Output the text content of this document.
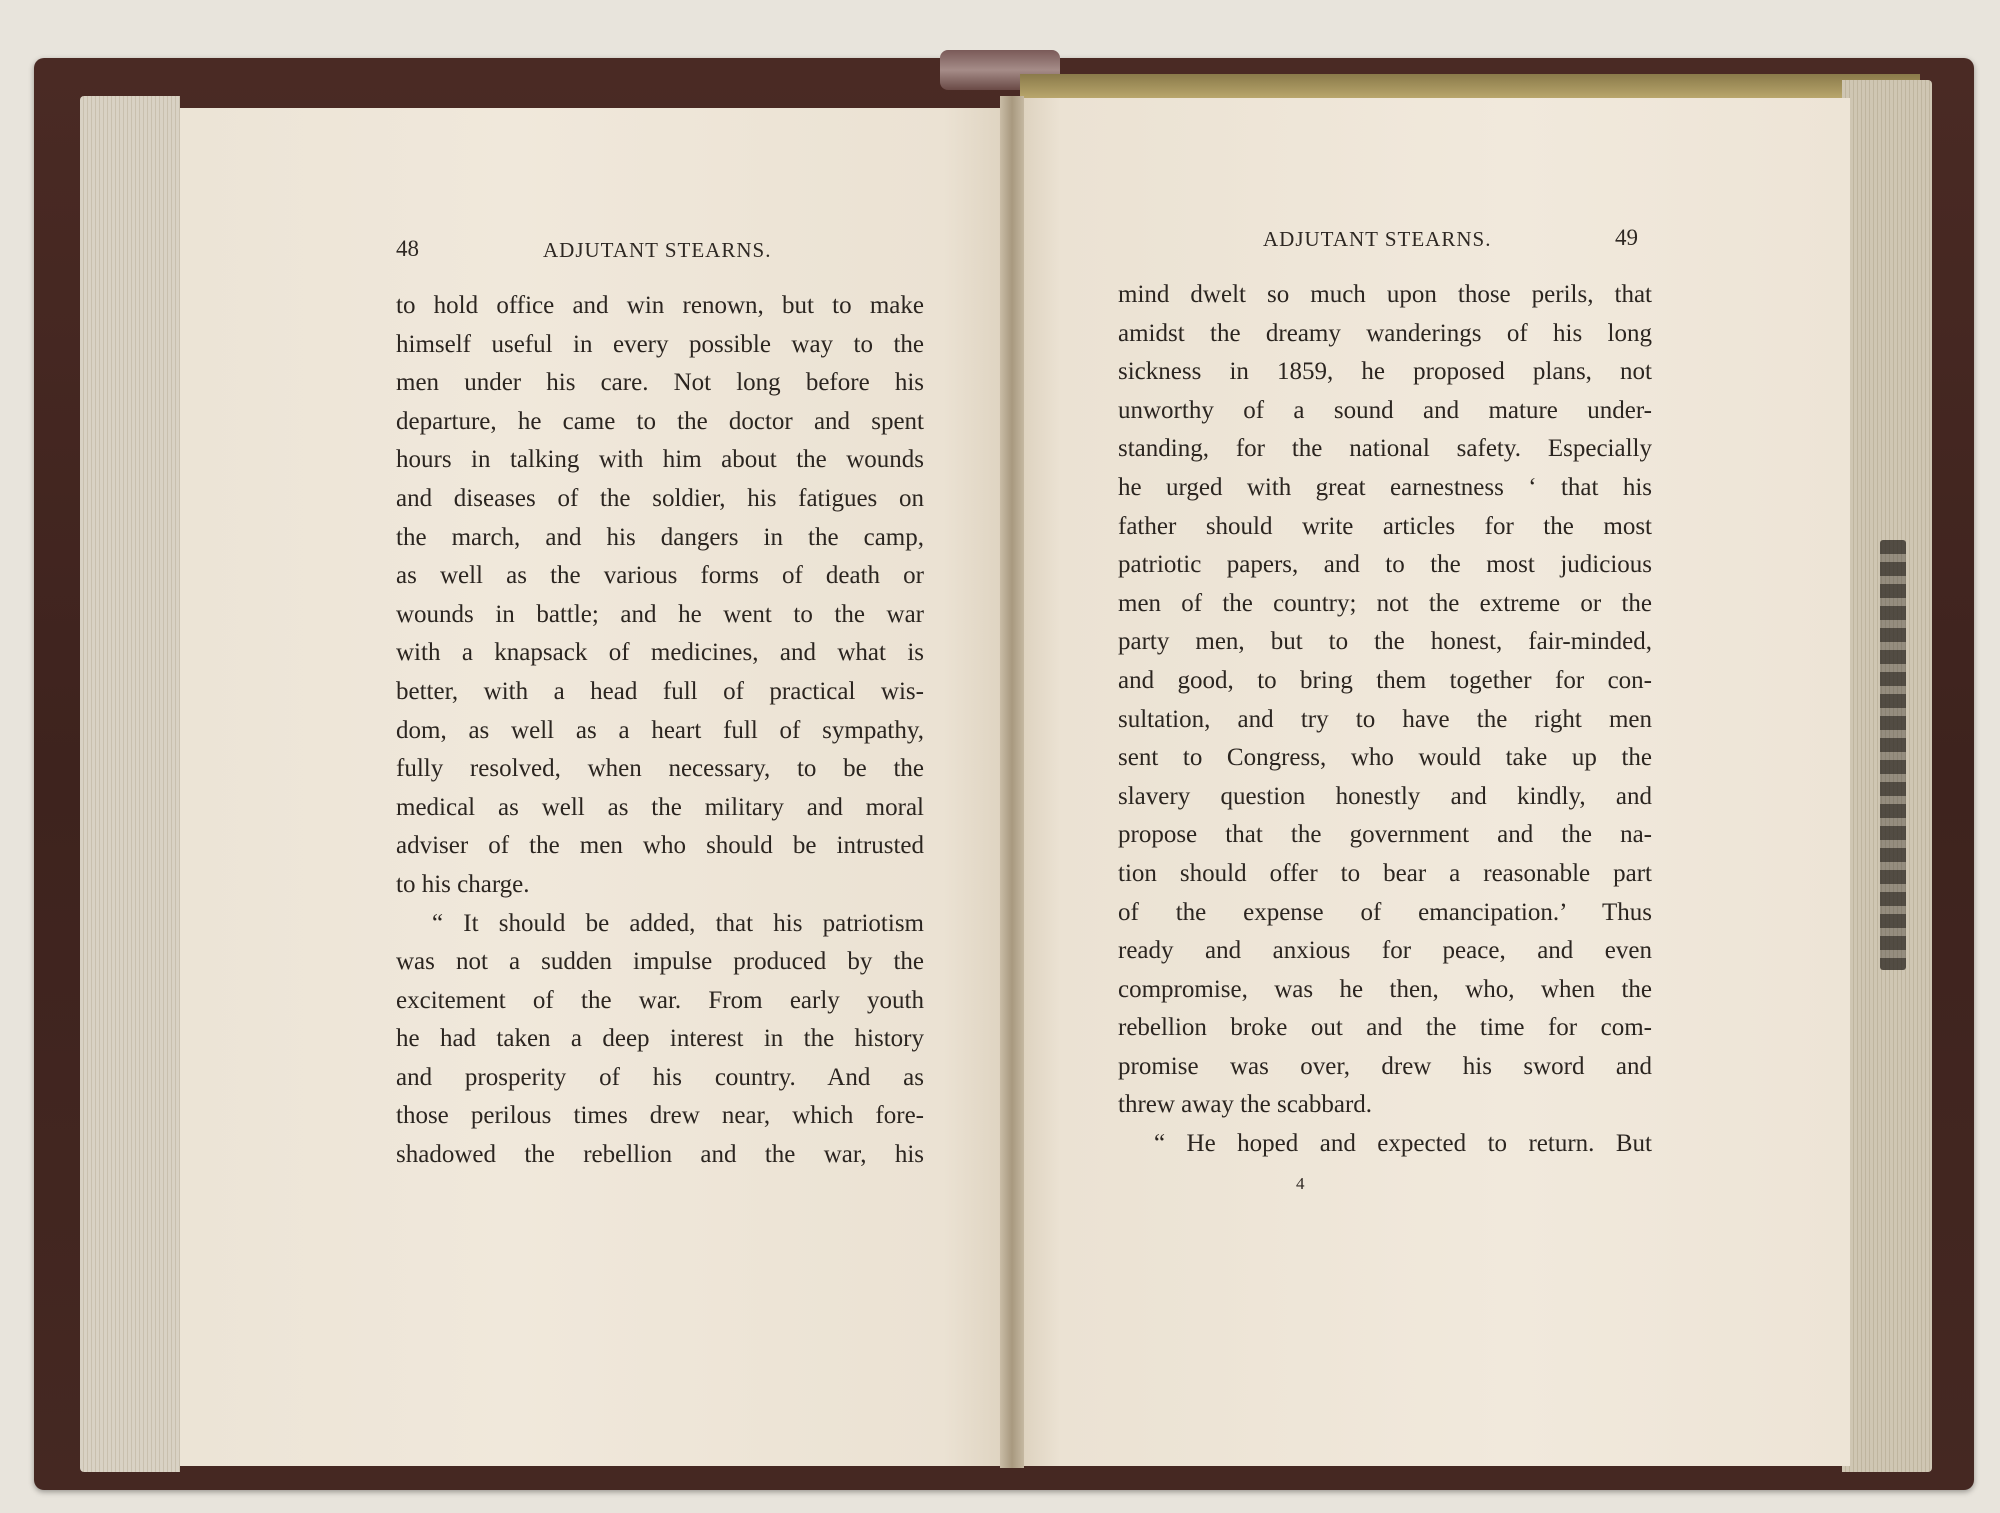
48	ADJUTANT STEARNS.
to hold office and win renown, but to make
himself useful in every possible way to the
men under his care. Not long before his
departure, he came to the doctor and spent
hours in talking with him about the wounds
and diseases of the soldier, his fatigues on
the march, and his dangers in the camp,
as well as the various forms of death or
wounds in battle; and he went to the war
with a knapsack of medicines, and what is
better, with a head full of practical wis-
dom, as well as a heart full of sympathy,
fully resolved, when necessary, to be the
medical as well as the military and moral
adviser of the men who should be intrusted
to his charge.
“ It should be added, that his patriotism
was not a sudden impulse produced by the
excitement of the war. From early youth
he had taken a deep interest in the history
and prosperity of his country. And as
those perilous times drew near, which fore-
shadowed the rebellion and the war, his
ADJUTANT STEARNS.	49
mind dwelt so much upon those perils, that
amidst the dreamy wanderings of his long
sickness in 1859, he proposed plans, not
unworthy of a sound and mature under-
standing, for the national safety. Especially
he urged with great earnestness ‘ that his
father should write articles for the most
patriotic papers, and to the most judicious
men of the country; not the extreme or the
party men, but to the honest, fair-minded,
and good, to bring them together for con-
sultation, and try to have the right men
sent to Congress, who would take up the
slavery question honestly and kindly, and
propose that the government and the na-
tion should offer to bear a reasonable part
of the expense of emancipation.’ Thus
ready and anxious for peace, and even
compromise, was he then, who, when the
rebellion broke out and the time for com-
promise was over, drew his sword and
threw away the scabbard.
“ He hoped and expected to return. But
4
